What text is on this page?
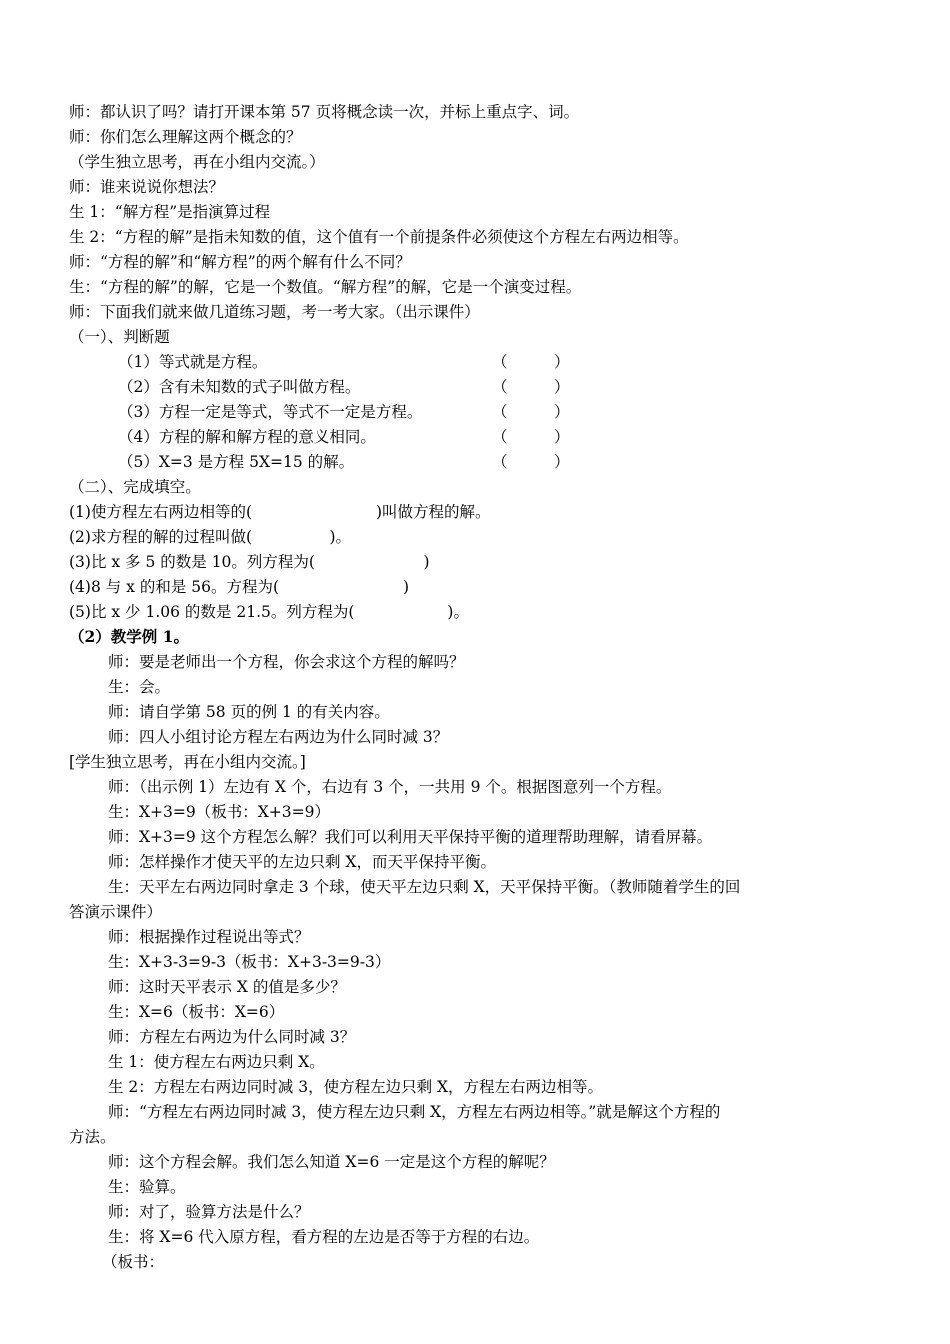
师：都认识了吗？请打开课本第 57 页将概念读一次，并标上重点字、词。
师：你们怎么理解这两个概念的？
（学生独立思考，再在小组内交流。）
师：谁来说说你想法？
生 1：“解方程”是指演算过程
生 2：“方程的解”是指未知数的值，这个值有一个前提条件必须使这个方程左右两边相等。
师：“方程的解”和“解方程”的两个解有什么不同？
生：“方程的解”的解，它是一个数值。“解方程”的解，它是一个演变过程。
师：下面我们就来做几道练习题，考一考大家。（出示课件）
（一）、判断题
（1）等式就是方程。	（　　　）
（2）含有未知数的式子叫做方程。	（　　　）
（3）方程一定是等式，等式不一定是方程。	（　　　）
（4）方程的解和解方程的意义相同。	（　　　）
（5）X=3 是方程 5X=15 的解。	（　　　）
（二）、完成填空。
(1)使方程左右两边相等的(　　　　　　　　)叫做方程的解。
(2)求方程的解的过程叫做(　　　　　)。
(3)比 x 多 5 的数是 10。列方程为(　　　　　　　)
(4)8 与 x 的和是 56。方程为(　　　　　　　　)
(5)比 x 少 1.06 的数是 21.5。列方程为(　　　　　　)。
（2）教学例 1。
师：要是老师出一个方程，你会求这个方程的解吗？
生：会。
师：请自学第 58 页的例 1 的有关内容。
师：四人小组讨论方程左右两边为什么同时减 3？
[学生独立思考，再在小组内交流。]
师：（出示例 1）左边有 X 个，右边有 3 个，一共用 9 个。根据图意列一个方程。
生：X+3=9（板书：X+3=9）
师：X+3=9 这个方程怎么解？我们可以利用天平保持平衡的道理帮助理解，请看屏幕。
师：怎样操作才使天平的左边只剩 X，而天平保持平衡。
生：天平左右两边同时拿走 3 个球，使天平左边只剩 X，天平保持平衡。（教师随着学生的回
答演示课件）
师：根据操作过程说出等式？
生：X+3-3=9-3（板书：X+3-3=9-3）
师：这时天平表示 X 的值是多少？
生：X=6（板书：X=6）
师：方程左右两边为什么同时减 3？
生 1：使方程左右两边只剩 X。
生 2：方程左右两边同时减 3，使方程左边只剩 X，方程左右两边相等。
师：“方程左右两边同时减 3，使方程左边只剩 X，方程左右两边相等。”就是解这个方程的
方法。
师：这个方程会解。我们怎么知道 X=6 一定是这个方程的解呢？
生：验算。
师：对了，验算方法是什么？
生：将 X=6 代入原方程，看方程的左边是否等于方程的右边。
（板书：
